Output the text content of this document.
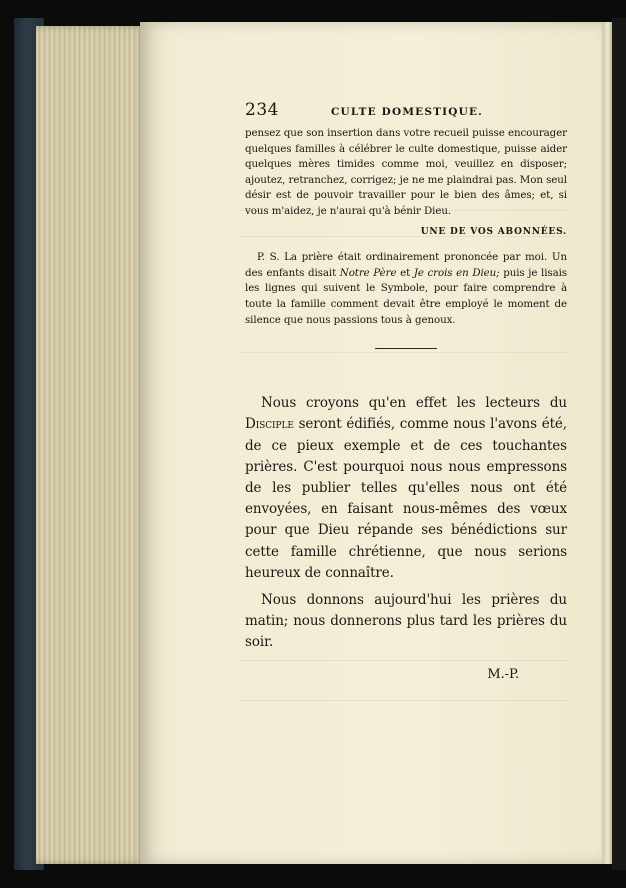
234	CULTE DOMESTIQUE.

pensez que son insertion dans votre recueil puisse encourager quelques familles à célébrer le culte domestique, puisse aider quelques mères timides comme moi, veuillez en disposer; ajoutez, retranchez, corrigez; je ne me plaindrai pas. Mon seul désir est de pouvoir travailler pour le bien des âmes; et, si vous m'aidez, je n'aurai qu'à bénir Dieu.

UNE DE VOS ABONNÉES.

P. S. La prière était ordinairement prononcée par moi. Un des enfants disait Notre Père et Je crois en Dieu; puis je lisais les lignes qui suivent le Symbole, pour faire comprendre à toute la famille comment devait être employé le moment de silence que nous passions tous à genoux.

Nous croyons qu'en effet les lecteurs du Disciple seront édifiés, comme nous l'avons été, de ce pieux exemple et de ces touchantes prières. C'est pourquoi nous nous empressons de les publier telles qu'elles nous ont été envoyées, en faisant nous-mêmes des vœux pour que Dieu répande ses bénédictions sur cette famille chrétienne, que nous serions heureux de connaître.

Nous donnons aujourd'hui les prières du matin; nous donnerons plus tard les prières du soir.

M.-P.
